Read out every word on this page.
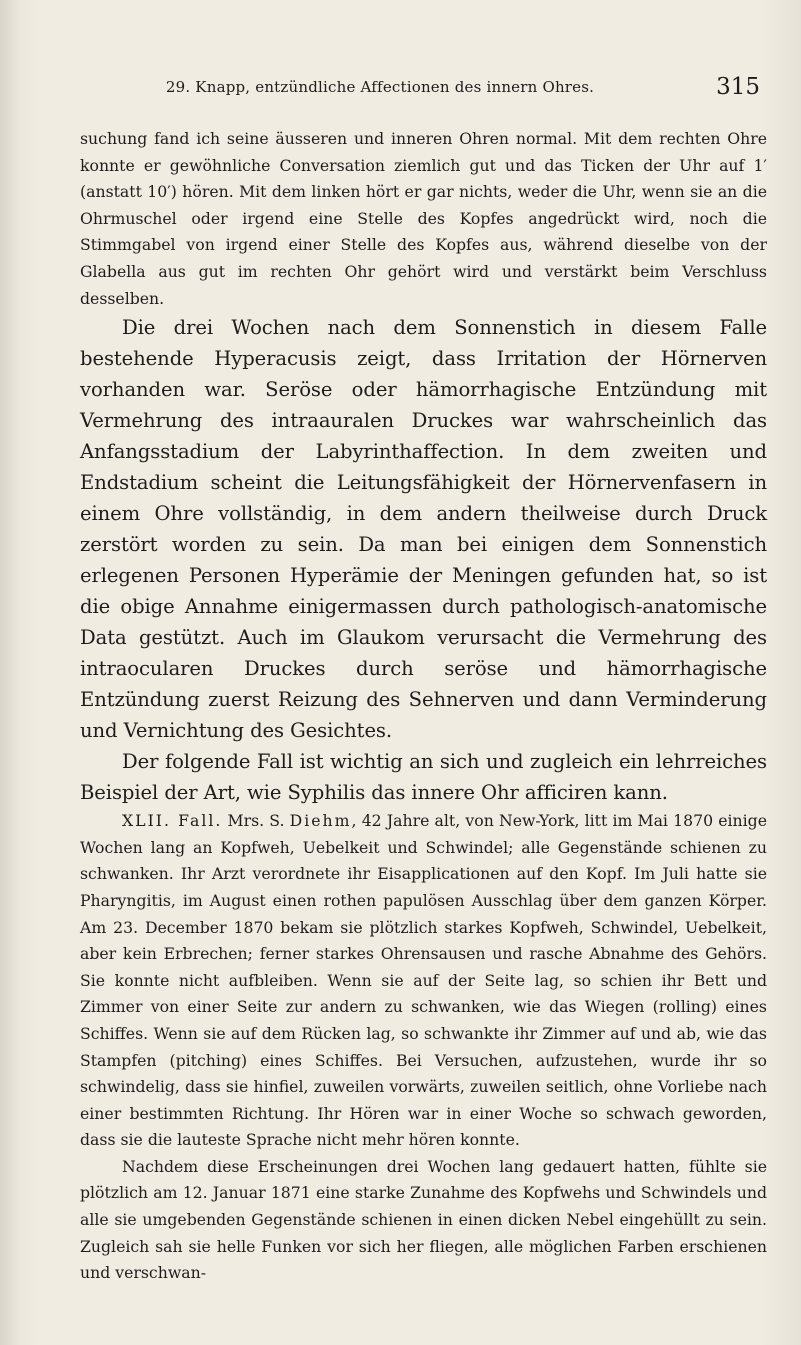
29. Knapp, entzündliche Affectionen des innern Ohres.	315

suchung fand ich seine äusseren und inneren Ohren normal. Mit dem rechten Ohre konnte er gewöhnliche Conversation ziemlich gut und das Ticken der Uhr auf 1′ (anstatt 10′) hören. Mit dem linken hört er gar nichts, weder die Uhr, wenn sie an die Ohrmuschel oder irgend eine Stelle des Kopfes angedrückt wird, noch die Stimmgabel von irgend einer Stelle des Kopfes aus, während dieselbe von der Glabella aus gut im rechten Ohr gehört wird und verstärkt beim Verschluss desselben.

Die drei Wochen nach dem Sonnenstich in diesem Falle bestehende Hyperacusis zeigt, dass Irritation der Hörnerven vorhanden war. Seröse oder hämorrhagische Entzündung mit Vermehrung des intraauralen Druckes war wahrscheinlich das Anfangsstadium der Labyrinthaffection. In dem zweiten und Endstadium scheint die Leitungsfähigkeit der Hörnervenfasern in einem Ohre vollständig, in dem andern theilweise durch Druck zerstört worden zu sein. Da man bei einigen dem Sonnenstich erlegenen Personen Hyperämie der Meningen gefunden hat, so ist die obige Annahme einigermassen durch pathologisch-anatomische Data gestützt. Auch im Glaukom verursacht die Vermehrung des intraocularen Druckes durch seröse und hämorrhagische Entzündung zuerst Reizung des Sehnerven und dann Verminderung und Vernichtung des Gesichtes.

Der folgende Fall ist wichtig an sich und zugleich ein lehrreiches Beispiel der Art, wie Syphilis das innere Ohr afficiren kann.

XLII. Fall. Mrs. S. Diehm, 42 Jahre alt, von New-York, litt im Mai 1870 einige Wochen lang an Kopfweh, Uebelkeit und Schwindel; alle Gegenstände schienen zu schwanken. Ihr Arzt verordnete ihr Eisapplicationen auf den Kopf. Im Juli hatte sie Pharyngitis, im August einen rothen papulösen Ausschlag über dem ganzen Körper. Am 23. December 1870 bekam sie plötzlich starkes Kopfweh, Schwindel, Uebelkeit, aber kein Erbrechen; ferner starkes Ohrensausen und rasche Abnahme des Gehörs. Sie konnte nicht aufbleiben. Wenn sie auf der Seite lag, so schien ihr Bett und Zimmer von einer Seite zur andern zu schwanken, wie das Wiegen (rolling) eines Schiffes. Wenn sie auf dem Rücken lag, so schwankte ihr Zimmer auf und ab, wie das Stampfen (pitching) eines Schiffes. Bei Versuchen, aufzustehen, wurde ihr so schwindelig, dass sie hinfiel, zuweilen vorwärts, zuweilen seitlich, ohne Vorliebe nach einer bestimmten Richtung. Ihr Hören war in einer Woche so schwach geworden, dass sie die lauteste Sprache nicht mehr hören konnte.

Nachdem diese Erscheinungen drei Wochen lang gedauert hatten, fühlte sie plötzlich am 12. Januar 1871 eine starke Zunahme des Kopfwehs und Schwindels und alle sie umgebenden Gegenstände schienen in einen dicken Nebel eingehüllt zu sein. Zugleich sah sie helle Funken vor sich her fliegen, alle möglichen Farben erschienen und verschwan-
